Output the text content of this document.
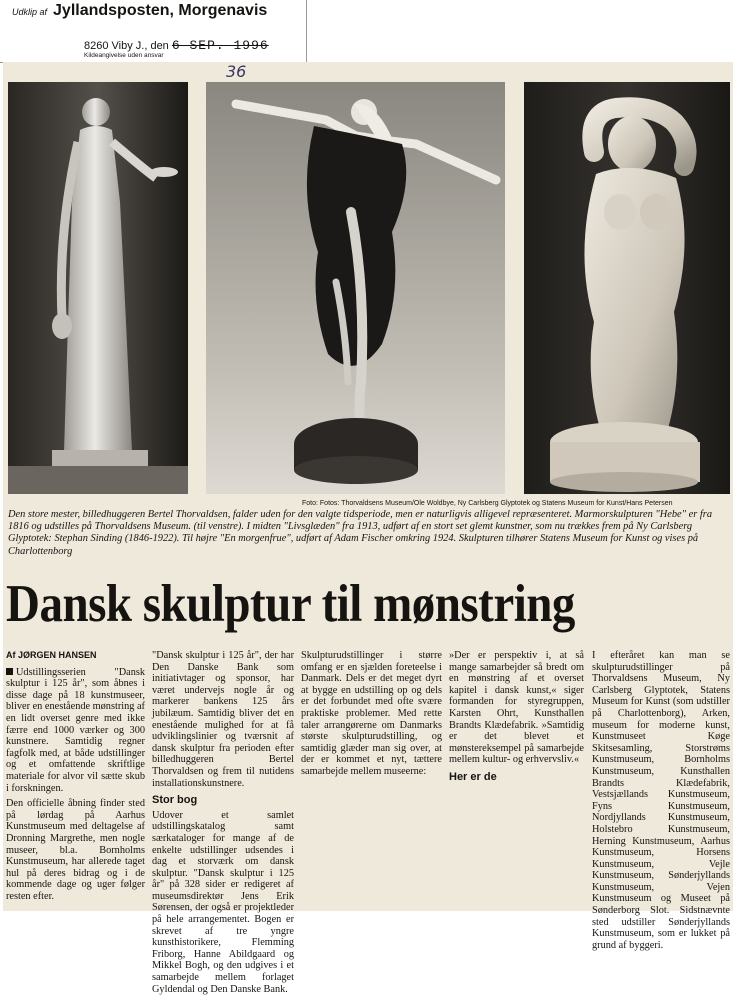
Udklip af Jyllandsposten, Morgenavis
8260 Viby J., den 6 SEP. 1996
Kildeangivelse uden ansvar
36
Foto: Fotos: Thorvaldsens Museum/Ole Woldbye, Ny Carlsberg Glyptotek og Statens Museum for Kunst/Hans Petersen
Den store mester, billedhuggeren Bertel Thorvaldsen, falder uden for den valgte tidsperiode, men er naturligvis alligevel repræsenteret. Marmorskulpturen "Hebe" er fra 1816 og udstilles på Thorvaldsens Museum. (til venstre). I midten "Livsglæden" fra 1913, udført af en stort set glemt kunstner, som nu trækkes frem på Ny Carlsberg Glyptotek: Stephan Sinding (1846-1922). Til højre "En morgenfrue", udført af Adam Fischer omkring 1924. Skulpturen tilhører Statens Museum for Kunst og vises på Charlottenborg
Dansk skulptur til mønstring
Af JØRGEN HANSEN

Udstillingsserien "Dansk skulptur i 125 år", som åbnes i disse dage på 18 kunstmuseer, bliver en enestående mønstring af en lidt overset genre med ikke færre end 1000 værker og 300 kunstnere. Samtidig regner fagfolk med, at både udstillinger og et omfattende skriftlige materiale for alvor vil sætte skub i forskningen.

Den officielle åbning finder sted på lørdag på Aarhus Kunstmuseum med deltagelse af Dronning Margrethe, men nogle museer, bl.a. Bornholms Kunstmuseum, har allerede taget hul på deres bidrag og i de kommende dage og uger følger resten efter.

"Dansk skulptur i 125 år", der har Den Danske Bank som initiativtager og sponsor, har været undervejs nogle år og markerer bankens 125 års jubilæum. Samtidig bliver det en enestående mulighed for at få udviklingslinier og tværsnit af dansk skulptur fra perioden efter billedhuggeren Bertel Thorvaldsen og frem til nutidens installationskunstnere.

Stor bog

Udover et samlet udstillingskatalog samt særkataloger for mange af de enkelte udstillinger udsendes i dag et storværk om dansk skulptur. "Dansk skulptur i 125 år" på 328 sider er redigeret af museumsdirektør Jens Erik Sørensen, der også er projektleder på hele arrangementet. Bogen er skrevet af tre yngre kunsthistorikere, Flemming Friborg, Hanne Abildgaard og Mikkel Bogh, og den udgives i et samarbejde mellem forlaget Gyldendal og Den Danske Bank.

Skulpturudstillinger i større omfang er en sjælden foreteelse i Danmark. Dels er det meget dyrt at bygge en udstilling op og dels er det forbundet med ofte svære praktiske problemer. Med rette taler arrangørerne om Danmarks største skulpturudstilling, og samtidig glæder man sig over, at der er kommet et nyt, tættere samarbejde mellem museerne:

»Der er perspektiv i, at så mange samarbejder så bredt om en mønstring af et overset kapitel i dansk kunst,« siger formanden for styregruppen, Karsten Ohrt, Kunsthallen Brandts Klædefabrik. »Samtidig er det blevet et mønstereksempel på samarbejde mellem kultur- og erhvervsliv.«

Her er de

I efteråret kan man se skulpturudstillinger på Thorvaldsens Museum, Ny Carlsberg Glyptotek, Statens Museum for Kunst (som udstiller på Charlottenborg), Arken, museum for moderne kunst, Kunstmuseet Køge Skitsesamling, Storstrøms Kunstmuseum, Bornholms Kunstmuseum, Kunsthallen Brandts Klædefabrik, Vestsjællands Kunstmuseum, Fyns Kunstmuseum, Nordjyllands Kunstmuseum, Holstebro Kunstmuseum, Herning Kunstmuseum, Aarhus Kunstmuseum, Horsens Kunstmuseum, Vejle Kunstmuseum, Sønderjyllands Kunstmuseum, Vejen Kunstmuseum og Museet på Sønderborg Slot. Sidstnævnte sted udstiller Sønderjyllands Kunstmuseum, som er lukket på grund af byggeri.
